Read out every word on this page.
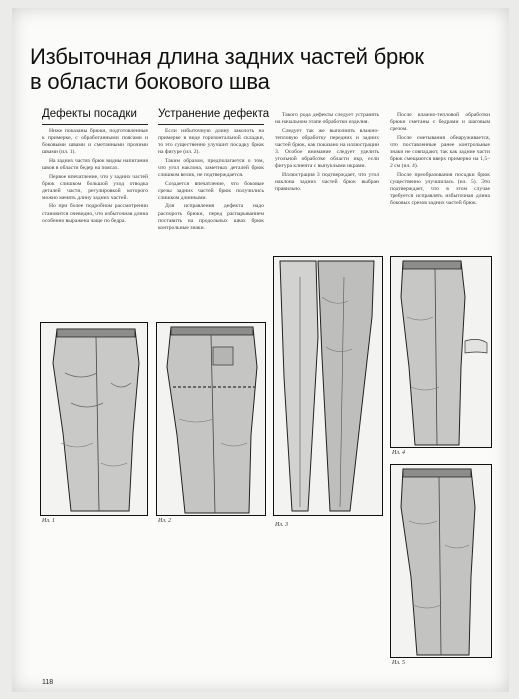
Избыточная длина задних частей брюк
в области бокового шва
Дефекты посадки

Ниже показаны брюки, подготовленные к примерке, с обработанными поясами и боковыми швами и сметанными прочими швами (ил. 1).

На задних частях брюк видны напитания швов в области бедер на поясах.

Первое впечатление, что у задних частей брюк слишком большой уход отводка деталей части, регулировкой которого можно менять длину задних частей.

Но при более подробном рассмотрении становится очевидно, что избыточная длина особенно выражена чаще по бедра.

Устранение дефекта

Если избыточную длину заколоть на примерке в виде горизонтальной складки, то это существенно улучшит посадку брюк на фигуре (ил. 2).

Таким образом, предполагается о том, что угол наклона, заметных деталей брюк слишком велик, не подтверждается.

Создается впечатление, что боковые срезы задних частей брюк получились слишком длинными.

Для исправления дефекта надо распороть брюки, перед распарыванием поставить на продольных швах брюк контрольные знаки.

Такого рода дефекты следует устранять на начальном этапе обработки изделия.

Следует так же выполнять влажно-тепловую обработку передних и задних частей брюк, как показано на иллюстрации 3. Особое внимание следует уделить угольной обработке области икр, если фигура клиента с выпуклыми икрами.

Иллюстрация 3 подтверждает, что угол наклона задних частей брюк выбран правильно.

После влажно-тепловой обработки брюки сметаны с бедрами и шаговым срезом.

После сметывания обнаруживается, что поставленные ранее контрольные знаки не совпадают, так как задние части брюк смещаются вверх примерно на 1,5–2 см (ил. 4).

После преобразования посадки брюк существенно улучшилась (ил. 5). Это подтверждает, что в этом случае требуется исправлять избыточная длина боковых срезов задних частей брюк.

Ил. 1	Ил. 2
Ил. 3
Ил. 4
Ил. 5
118
